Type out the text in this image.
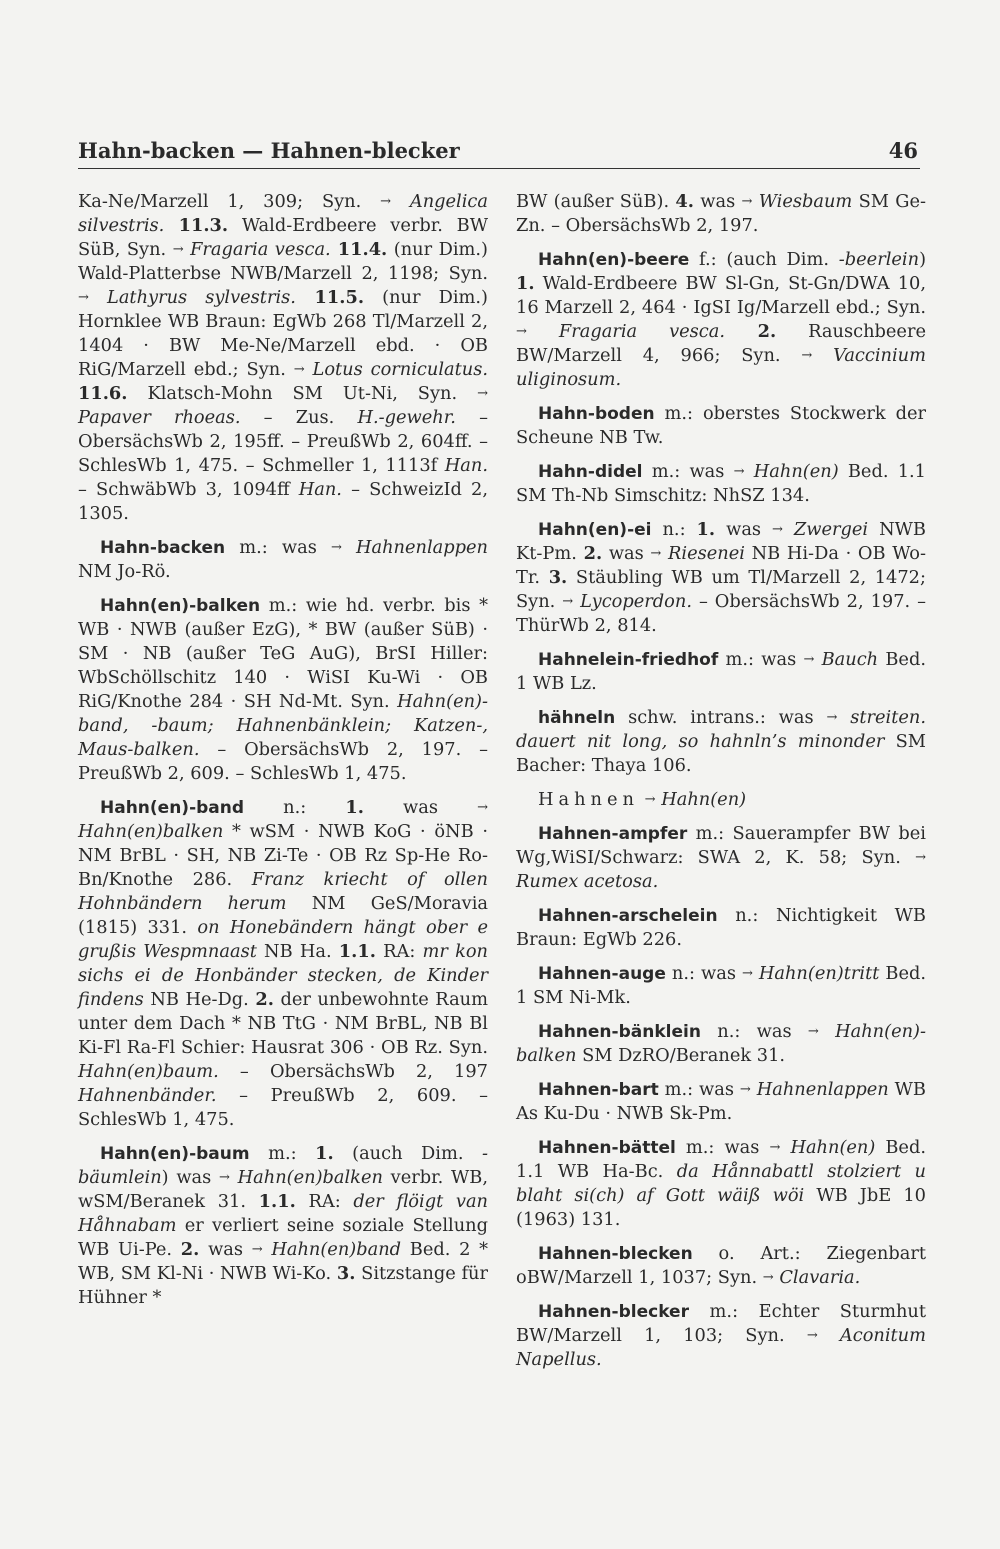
Hahn-backen — Hahnen-blecker	46

Ka-Ne/Marzell 1, 309; Syn. → Angelica silvestris. 11.3. Wald-Erdbeere verbr. BW SüB, Syn. → Fragaria vesca. 11.4. (nur Dim.) Wald-Platterbse NWB/Marzell 2, 1198; Syn. → Lathyrus sylvestris. 11.5. (nur Dim.) Hornklee WB Braun: EgWb 268 Tl/Marzell 2, 1404 · BW Me-Ne/Marzell ebd. · OB RiG/Marzell ebd.; Syn. → Lotus corniculatus. 11.6. Klatsch-Mohn SM Ut-Ni, Syn. → Papaver rhoeas. – Zus. H.-gewehr. – ObersächsWb 2, 195ff. – PreußWb 2, 604ff. – SchlesWb 1, 475. – Schmeller 1, 1113f Han. – SchwäbWb 3, 1094ff Han. – SchweizId 2, 1305.

Hahn-backen m.: was → Hahnenlappen NM Jo-Rö.

Hahn(en)-balken m.: wie hd. verbr. bis * WB · NWB (außer EzG), * BW (außer SüB) · SM · NB (außer TeG AuG), BrSI Hiller: WbSchöllschitz 140 · WiSI Ku-Wi · OB RiG/Knothe 284 · SH Nd-Mt. Syn. Hahn(en)-band, -baum; Hahnenbänklein; Katzen-, Maus-balken. – ObersächsWb 2, 197. – PreußWb 2, 609. – SchlesWb 1, 475.

Hahn(en)-band n.: 1. was → Hahn(en)balken * wSM · NWB KoG · öNB · NM BrBL · SH, NB Zi-Te · OB Rz Sp-He Ro-Bn/Knothe 286. Franz kriecht of ollen Hohnbändern herum NM GeS/Moravia (1815) 331. on Honebändern hängt ober e grußis Wespmnaast NB Ha. 1.1. RA: mr kon sichs ei de Honbänder stecken, de Kinder findens NB He-Dg. 2. der unbewohnte Raum unter dem Dach * NB TtG · NM BrBL, NB Bl Ki-Fl Ra-Fl Schier: Hausrat 306 · OB Rz. Syn. Hahn(en)baum. – ObersächsWb 2, 197 Hahnenbänder. – PreußWb 2, 609. – SchlesWb 1, 475.

Hahn(en)-baum m.: 1. (auch Dim. -bäumlein) was → Hahn(en)balken verbr. WB, wSM/Beranek 31. 1.1. RA: der flöigt van Håhnabam er verliert seine soziale Stellung WB Ui-Pe. 2. was → Hahn(en)band Bed. 2 * WB, SM Kl-Ni · NWB Wi-Ko. 3. Sitzstange für Hühner *

BW (außer SüB). 4. was → Wiesbaum SM Ge-Zn. – ObersächsWb 2, 197.

Hahn(en)-beere f.: (auch Dim. -beerlein) 1. Wald-Erdbeere BW Sl-Gn, St-Gn/DWA 10, 16 Marzell 2, 464 · IgSI Ig/Marzell ebd.; Syn. → Fragaria vesca. 2. Rauschbeere BW/Marzell 4, 966; Syn. → Vaccinium uliginosum.

Hahn-boden m.: oberstes Stockwerk der Scheune NB Tw.

Hahn-didel m.: was → Hahn(en) Bed. 1.1 SM Th-Nb Simschitz: NhSZ 134.

Hahn(en)-ei n.: 1. was → Zwergei NWB Kt-Pm. 2. was → Riesenei NB Hi-Da · OB Wo-Tr. 3. Stäubling WB um Tl/Marzell 2, 1472; Syn. → Lycoperdon. – ObersächsWb 2, 197. – ThürWb 2, 814.

Hahnelein-friedhof m.: was → Bauch Bed. 1 WB Lz.

hähneln schw. intrans.: was → streiten. dauert nit long, so hahnln’s minonder SM Bacher: Thaya 106.

Hahnen → Hahn(en)

Hahnen-ampfer m.: Sauerampfer BW bei Wg,WiSI/Schwarz: SWA 2, K. 58; Syn. → Rumex acetosa.

Hahnen-arschelein n.: Nichtigkeit WB Braun: EgWb 226.

Hahnen-auge n.: was → Hahn(en)tritt Bed. 1 SM Ni-Mk.

Hahnen-bänklein n.: was → Hahn(en)-balken SM DzRO/Beranek 31.

Hahnen-bart m.: was → Hahnenlappen WB As Ku-Du · NWB Sk-Pm.

Hahnen-bättel m.: was → Hahn(en) Bed. 1.1 WB Ha-Bc. da Hånnabattl stolziert u blaht si(ch) af Gott wäiß wöi WB JbE 10 (1963) 131.

Hahnen-blecken o. Art.: Ziegenbart oBW/Marzell 1, 1037; Syn. → Clavaria.

Hahnen-blecker m.: Echter Sturmhut BW/Marzell 1, 103; Syn. → Aconitum Napellus.
